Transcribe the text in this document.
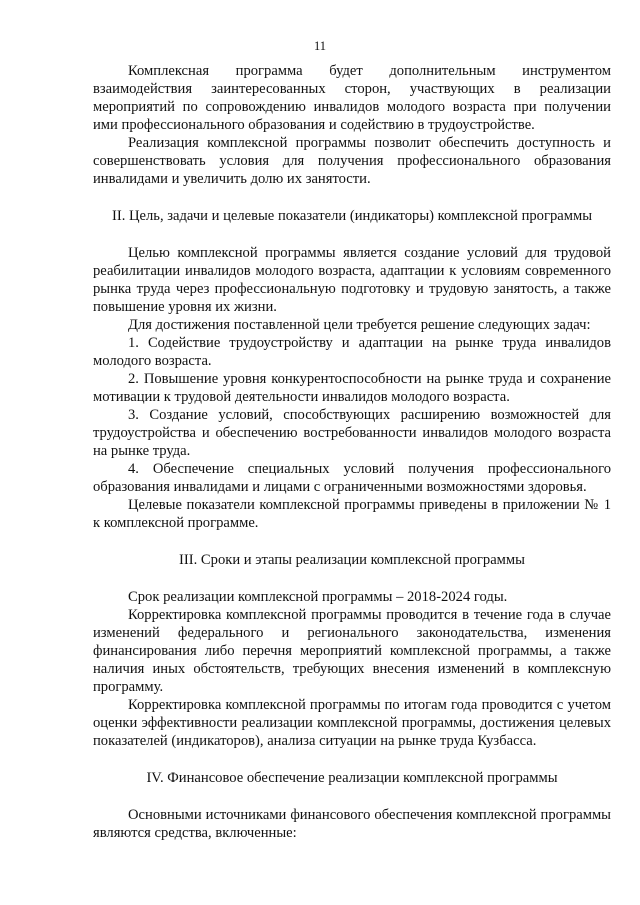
11

Комплексная программа будет дополнительным инструментом взаимодействия заинтересованных сторон, участвующих в реализации мероприятий по сопровождению инвалидов молодого возраста при получении ими профессионального образования и содействию в трудоустройстве.

Реализация комплексной программы позволит обеспечить доступность и совершенствовать условия для получения профессионального образования инвалидами и увеличить долю их занятости.

II. Цель, задачи и целевые показатели (индикаторы) комплексной программы

Целью комплексной программы является создание условий для трудовой реабилитации инвалидов молодого возраста, адаптации к условиям современного рынка труда через профессиональную подготовку и трудовую занятость, а также повышение уровня их жизни.

Для достижения поставленной цели требуется решение следующих задач:

1. Содействие трудоустройству и адаптации на рынке труда инвалидов молодого возраста.

2. Повышение уровня конкурентоспособности на рынке труда и сохранение мотивации к трудовой деятельности инвалидов молодого возраста.

3. Создание условий, способствующих расширению возможностей для трудоустройства и обеспечению востребованности инвалидов молодого возраста на рынке труда.

4. Обеспечение специальных условий получения профессионального образования инвалидами и лицами с ограниченными возможностями здоровья.

Целевые показатели комплексной программы приведены в приложении № 1 к комплексной программе.

III. Сроки и этапы реализации комплексной программы

Срок реализации комплексной программы – 2018-2024 годы.

Корректировка комплексной программы проводится в течение года в случае изменений федерального и регионального законодательства, изменения финансирования либо перечня мероприятий комплексной программы, а также наличия иных обстоятельств, требующих внесения изменений в комплексную программу.

Корректировка комплексной программы по итогам года проводится с учетом оценки эффективности реализации комплексной программы, достижения целевых показателей (индикаторов), анализа ситуации на рынке труда Кузбасса.

IV. Финансовое обеспечение реализации комплексной программы

Основными источниками финансового обеспечения комплексной программы являются средства, включенные:
